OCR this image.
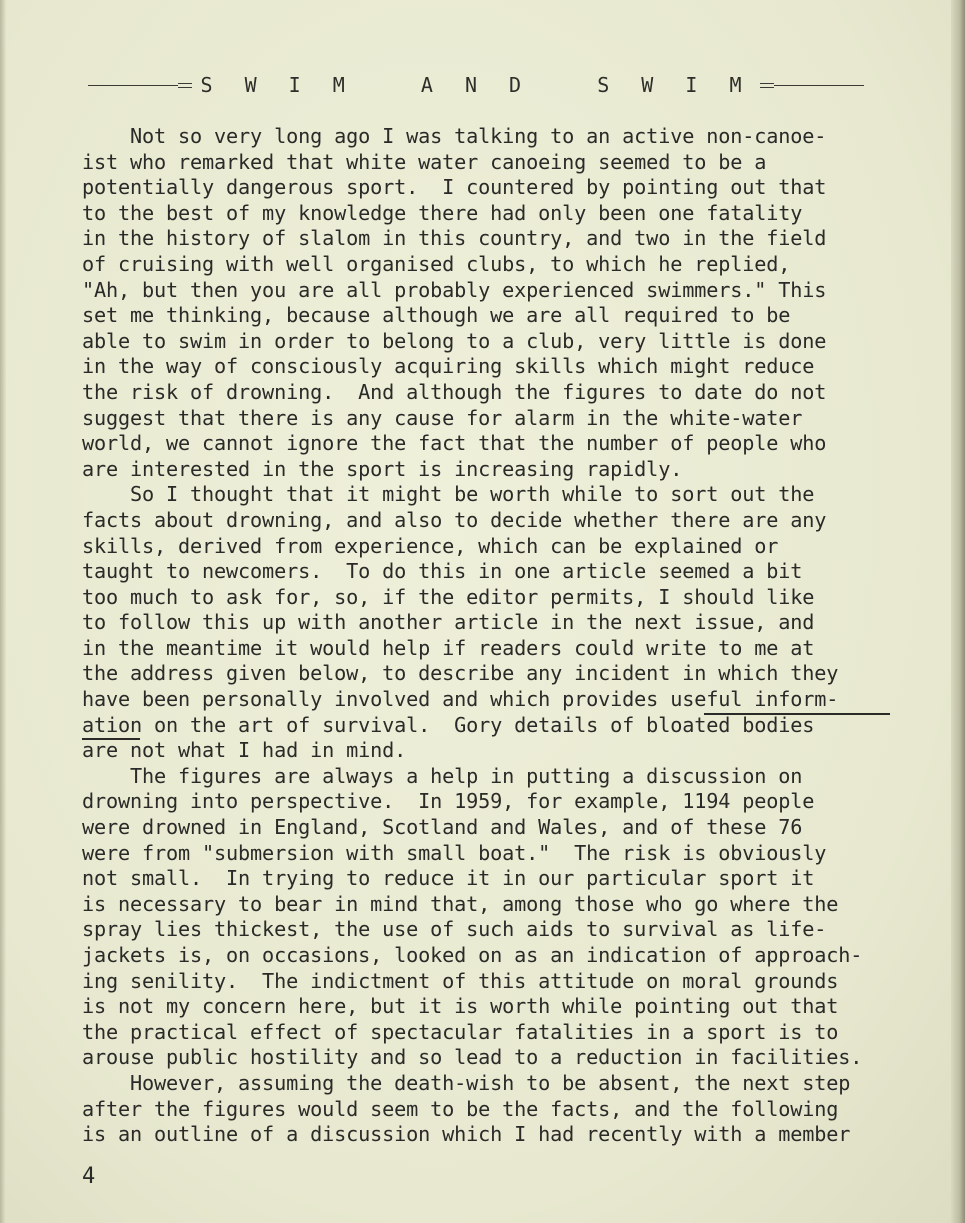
S W I M   A N D   S W I M
Not so very long ago I was talking to an active non-canoe-
ist who remarked that white water canoeing seemed to be a
potentially dangerous sport.  I countered by pointing out that
to the best of my knowledge there had only been one fatality
in the history of slalom in this country, and two in the field
of cruising with well organised clubs, to which he replied,
"Ah, but then you are all probably experienced swimmers." This
set me thinking, because although we are all required to be
able to swim in order to belong to a club, very little is done
in the way of consciously acquiring skills which might reduce
the risk of drowning.  And although the figures to date do not
suggest that there is any cause for alarm in the white-water
world, we cannot ignore the fact that the number of people who
are interested in the sport is increasing rapidly.
So I thought that it might be worth while to sort out the
facts about drowning, and also to decide whether there are any
skills, derived from experience, which can be explained or
taught to newcomers.  To do this in one article seemed a bit
too much to ask for, so, if the editor permits, I should like
to follow this up with another article in the next issue, and
in the meantime it would help if readers could write to me at
the address given below, to describe any incident in which they
have been personally involved and which provides useful inform-
ation on the art of survival.  Gory details of bloated bodies
are not what I had in mind.
The figures are always a help in putting a discussion on
drowning into perspective.  In 1959, for example, 1194 people
were drowned in England, Scotland and Wales, and of these 76
were from "submersion with small boat."  The risk is obviously
not small.  In trying to reduce it in our particular sport it
is necessary to bear in mind that, among those who go where the
spray lies thickest, the use of such aids to survival as life-
jackets is, on occasions, looked on as an indication of approach-
ing senility.  The indictment of this attitude on moral grounds
is not my concern here, but it is worth while pointing out that
the practical effect of spectacular fatalities in a sport is to
arouse public hostility and so lead to a reduction in facilities.
However, assuming the death-wish to be absent, the next step
after the figures would seem to be the facts, and the following
is an outline of a discussion which I had recently with a member
4
